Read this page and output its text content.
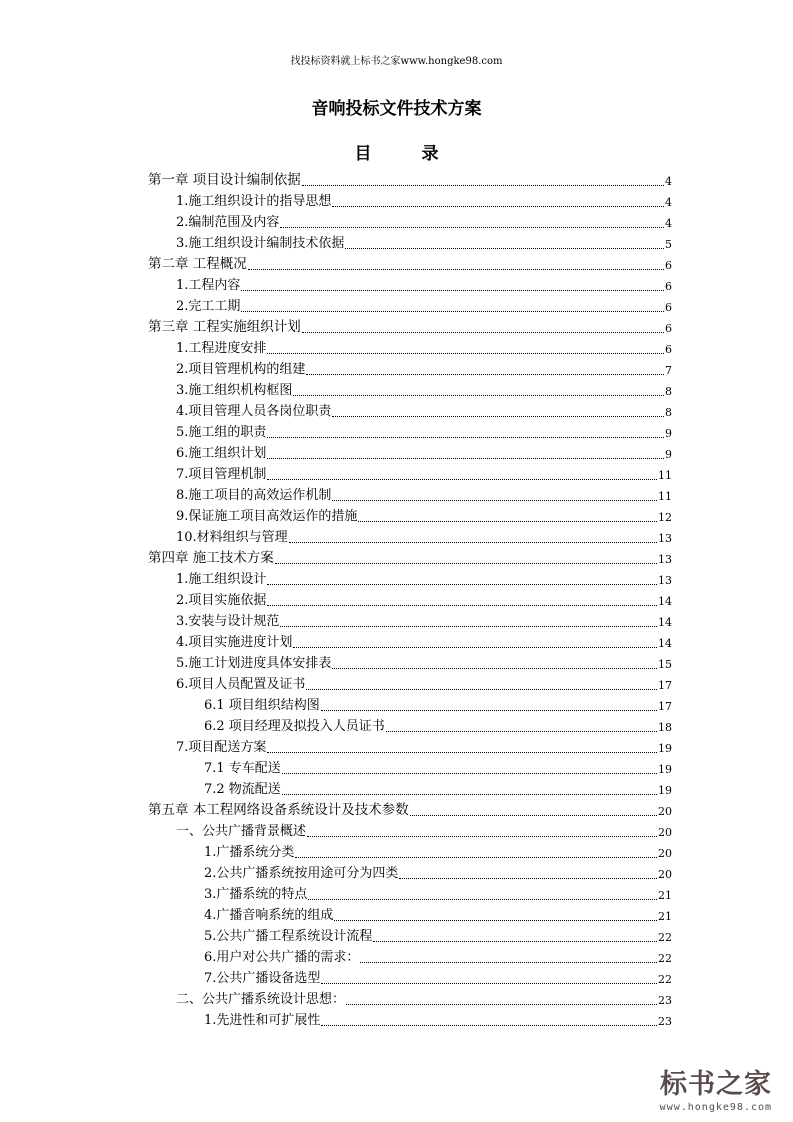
找投标资料就上标书之家www.hongke98.com
音响投标文件技术方案
目 录
第一章 项目设计编制依据	4
1.施工组织设计的指导思想	4
2.编制范围及内容	4
3.施工组织设计编制技术依据	5
第二章 工程概况	6
1.工程内容	6
2.完工工期	6
第三章 工程实施组织计划	6
1.工程进度安排	6
2.项目管理机构的组建	7
3.施工组织机构框图	8
4.项目管理人员各岗位职责	8
5.施工组的职责	9
6.施工组织计划	9
7.项目管理机制	11
8.施工项目的高效运作机制	11
9.保证施工项目高效运作的措施	12
10.材料组织与管理	13
第四章 施工技术方案	13
1.施工组织设计	13
2.项目实施依据	14
3.安装与设计规范	14
4.项目实施进度计划	14
5.施工计划进度具体安排表	15
6.项目人员配置及证书	17
6.1 项目组织结构图	17
6.2 项目经理及拟投入人员证书	18
7.项目配送方案	19
7.1 专车配送	19
7.2 物流配送	19
第五章 本工程网络设备系统设计及技术参数	20
一、公共广播背景概述	20
1.广播系统分类	20
2.公共广播系统按用途可分为四类	20
3.广播系统的特点	21
4.广播音响系统的组成	21
5.公共广播工程系统设计流程	22
6.用户对公共广播的需求：	22
7.公共广播设备选型	22
二、公共广播系统设计思想：	23
1.先进性和可扩展性	23
标书之家
www.hongke98.com
